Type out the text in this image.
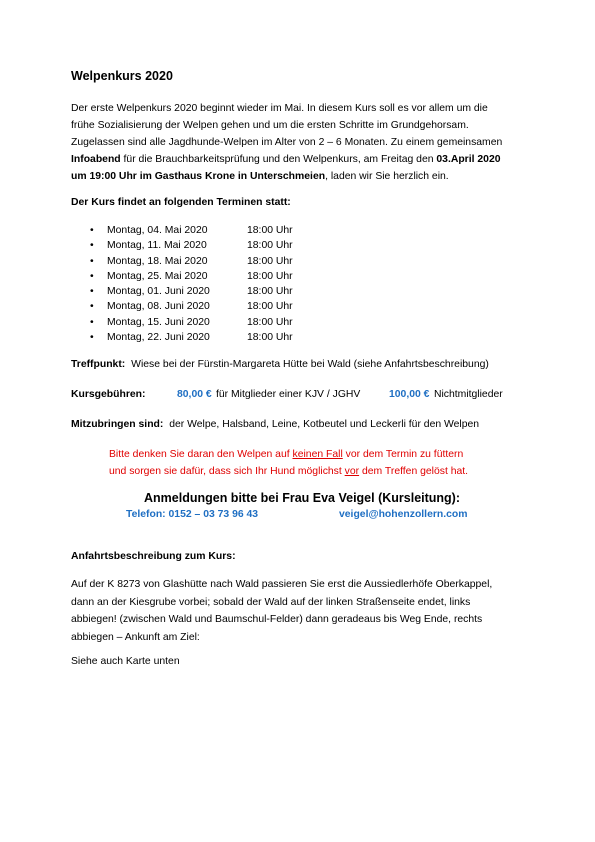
Welpenkurs 2020
Der erste Welpenkurs 2020 beginnt wieder im Mai. In diesem Kurs soll es vor allem um die
frühe Sozialisierung der Welpen gehen und um die ersten Schritte im Grundgehorsam.
Zugelassen sind alle Jagdhunde-Welpen im Alter von 2 – 6 Monaten. Zu einem gemeinsamen
Infoabend für die Brauchbarkeitsprüfung und den Welpenkurs, am Freitag den 03.April 2020
um 19:00 Uhr im Gasthaus Krone in Unterschmeien, laden wir Sie herzlich ein.
Der Kurs findet an folgenden Terminen statt:
• Montag, 04. Mai 2020	18:00 Uhr
• Montag, 11. Mai 2020	18:00 Uhr
• Montag, 18. Mai 2020	18:00 Uhr
• Montag, 25. Mai 2020	18:00 Uhr
• Montag, 01. Juni 2020	18:00 Uhr
• Montag, 08. Juni 2020	18:00 Uhr
• Montag, 15. Juni 2020	18:00 Uhr
• Montag, 22. Juni 2020	18:00 Uhr
Treffpunkt: Wiese bei der Fürstin-Margareta Hütte bei Wald (siehe Anfahrtsbeschreibung)
Kursgebühren:	80,00 € für Mitglieder einer KJV / JGHV	100,00 € Nichtmitglieder
Mitzubringen sind: der Welpe, Halsband, Leine, Kotbeutel und Leckerli für den Welpen
Bitte denken Sie daran den Welpen auf keinen Fall vor dem Termin zu füttern
und sorgen sie dafür, dass sich Ihr Hund möglichst vor dem Treffen gelöst hat.
Anmeldungen bitte bei Frau Eva Veigel (Kursleitung):
Telefon: 0152 – 03 73 96 43	veigel@hohenzollern.com
Anfahrtsbeschreibung zum Kurs:
Auf der K 8273 von Glashütte nach Wald passieren Sie erst die Aussiedlerhöfe Oberkappel,
dann an der Kiesgrube vorbei; sobald der Wald auf der linken Straßenseite endet, links
abbiegen! (zwischen Wald und Baumschul-Felder) dann geradeaus bis Weg Ende, rechts
abbiegen – Ankunft am Ziel:
Siehe auch Karte unten
